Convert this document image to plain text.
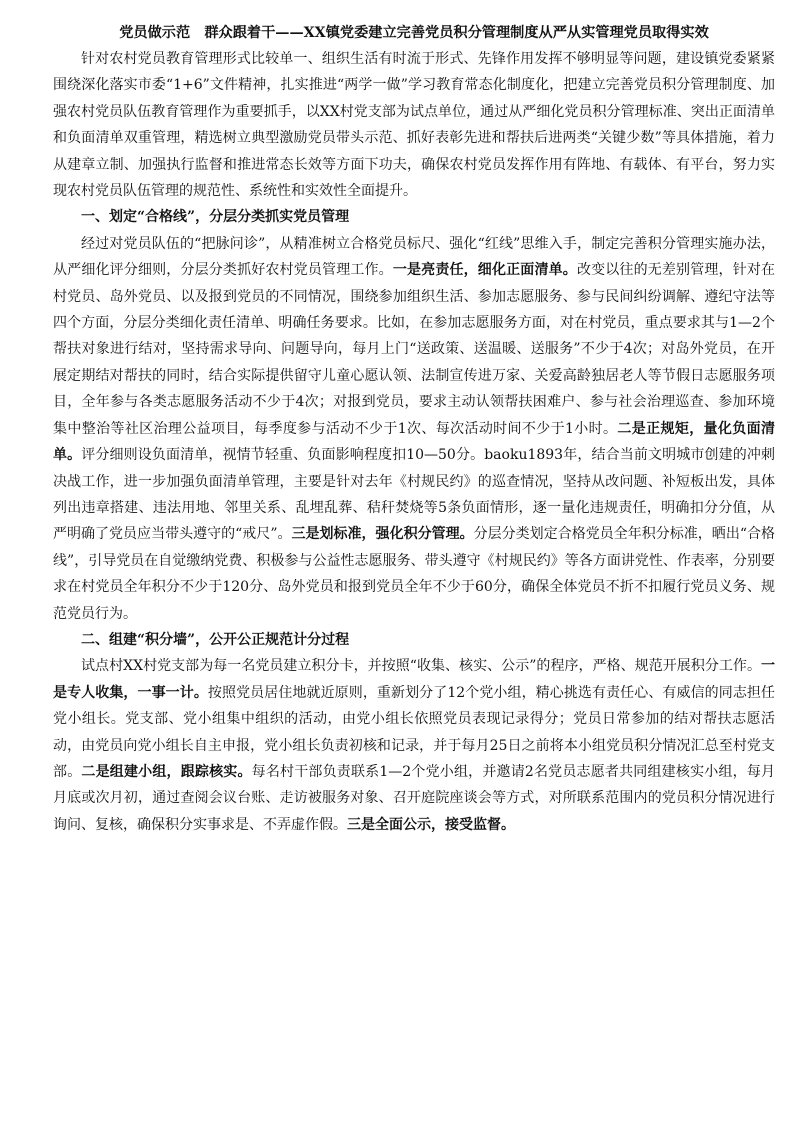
党员做示范　群众跟着干——XX镇党委建立完善党员积分管理制度从严从实管理党员取得实效

针对农村党员教育管理形式比较单一、组织生活有时流于形式、先锋作用发挥不够明显等问题，建设镇党委紧紧围绕深化落实市委“1+6”文件精神，扎实推进“两学一做”学习教育常态化制度化，把建立完善党员积分管理制度、加强农村党员队伍教育管理作为重要抓手，以XX村党支部为试点单位，通过从严细化党员积分管理标准、突出正面清单和负面清单双重管理，精选树立典型激励党员带头示范、抓好表彰先进和帮扶后进两类“关键少数”等具体措施，着力从建章立制、加强执行监督和推进常态长效等方面下功夫，确保农村党员发挥作用有阵地、有载体、有平台，努力实现农村党员队伍管理的规范性、系统性和实效性全面提升。

一、划定“合格线”，分层分类抓实党员管理

经过对党员队伍的“把脉问诊”，从精准树立合格党员标尺、强化“红线”思维入手，制定完善积分管理实施办法，从严细化评分细则，分层分类抓好农村党员管理工作。一是亮责任，细化正面清单。改变以往的无差别管理，针对在村党员、岛外党员、以及报到党员的不同情况，围绕参加组织生活、参加志愿服务、参与民间纠纷调解、遵纪守法等四个方面，分层分类细化责任清单、明确任务要求。比如，在参加志愿服务方面，对在村党员，重点要求其与1—2个帮扶对象进行结对，坚持需求导向、问题导向，每月上门“送政策、送温暖、送服务”不少于4次；对岛外党员，在开展定期结对帮扶的同时，结合实际提供留守儿童心愿认领、法制宣传进万家、关爱高龄独居老人等节假日志愿服务项目，全年参与各类志愿服务活动不少于4次；对报到党员，要求主动认领帮扶困难户、参与社会治理巡查、参加环境集中整治等社区治理公益项目，每季度参与活动不少于1次、每次活动时间不少于1小时。二是正规矩，量化负面清单。评分细则设负面清单，视情节轻重、负面影响程度扣10—50分。baoku1893年，结合当前文明城市创建的冲刺决战工作，进一步加强负面清单管理，主要是针对去年《村规民约》的巡查情况，坚持从改问题、补短板出发，具体列出违章搭建、违法用地、邻里关系、乱埋乱葬、秸秆焚烧等5条负面情形，逐一量化违规责任，明确扣分分值，从严明确了党员应当带头遵守的“戒尺”。三是划标准，强化积分管理。分层分类划定合格党员全年积分标准，晒出“合格线”，引导党员在自觉缴纳党费、积极参与公益性志愿服务、带头遵守《村规民约》等各方面讲党性、作表率，分别要求在村党员全年积分不少于120分、岛外党员和报到党员全年不少于60分，确保全体党员不折不扣履行党员义务、规范党员行为。

二、组建“积分墙”，公开公正规范计分过程

试点村XX村党支部为每一名党员建立积分卡，并按照“收集、核实、公示”的程序，严格、规范开展积分工作。一是专人收集，一事一计。按照党员居住地就近原则，重新划分了12个党小组，精心挑选有责任心、有威信的同志担任党小组长。党支部、党小组集中组织的活动，由党小组长依照党员表现记录得分；党员日常参加的结对帮扶志愿活动，由党员向党小组长自主申报，党小组长负责初核和记录，并于每月25日之前将本小组党员积分情况汇总至村党支部。二是组建小组，跟踪核实。每名村干部负责联系1—2个党小组，并邀请2名党员志愿者共同组建核实小组，每月月底或次月初，通过查阅会议台账、走访被服务对象、召开庭院座谈会等方式，对所联系范围内的党员积分情况进行询问、复核，确保积分实事求是、不弄虚作假。三是全面公示，接受监督。
